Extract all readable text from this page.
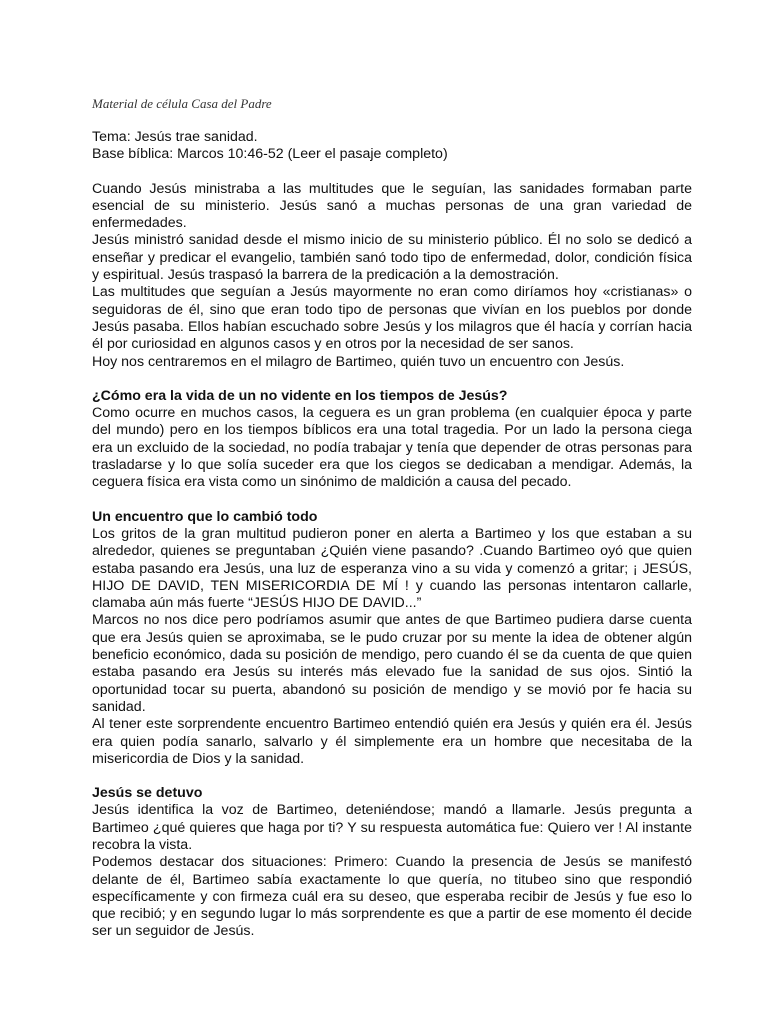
Material de célula Casa del Padre

Tema: Jesús trae sanidad.

Base bíblica: Marcos 10:46-52 (Leer el pasaje completo)

Cuando Jesús ministraba a las multitudes que le seguían, las sanidades formaban parte esencial de su ministerio. Jesús sanó a muchas personas de una gran variedad de enfermedades.

Jesús ministró sanidad desde el mismo inicio de su ministerio público. Él no solo se dedicó a enseñar y predicar el evangelio, también sanó todo tipo de enfermedad, dolor, condición física y espiritual. Jesús traspasó la barrera de la predicación a la demostración.

Las multitudes que seguían a Jesús mayormente no eran como diríamos hoy «cristianas» o seguidoras de él, sino que eran todo tipo de personas que vivían en los pueblos por donde Jesús pasaba. Ellos habían escuchado sobre Jesús y los milagros que él hacía y corrían hacia él por curiosidad en algunos casos y en otros por la necesidad de ser sanos.

Hoy nos centraremos en el milagro de Bartimeo, quién tuvo un encuentro con Jesús.

¿Cómo era la vida de un no vidente en los tiempos de Jesús?

Como ocurre en muchos casos, la ceguera es un gran problema (en cualquier época y parte del mundo) pero en los tiempos bíblicos era una total tragedia. Por un lado la persona ciega era un excluido de la sociedad, no podía trabajar y tenía que depender de otras personas para trasladarse y lo que solía suceder era que los ciegos se dedicaban a mendigar. Además, la ceguera física era vista como un sinónimo de maldición a causa del pecado.

Un encuentro que lo cambió todo

Los gritos de la gran multitud pudieron poner en alerta a Bartimeo y los que estaban a su alrededor, quienes se preguntaban ¿Quién viene pasando? .Cuando Bartimeo oyó que quien estaba pasando era Jesús, una luz de esperanza vino a su vida y comenzó a gritar; ¡ JESÚS, HIJO DE DAVID, TEN MISERICORDIA DE MÍ ! y cuando las personas intentaron callarle, clamaba aún más fuerte “JESÚS HIJO DE DAVID...”

Marcos no nos dice pero podríamos asumir que antes de que Bartimeo pudiera darse cuenta que era Jesús quien se aproximaba, se le pudo cruzar por su mente la idea de obtener algún beneficio económico, dada su posición de mendigo, pero cuando él se da cuenta de que quien estaba pasando era Jesús su interés más elevado fue la sanidad de sus ojos. Sintió la oportunidad tocar su puerta, abandonó su posición de mendigo y se movió por fe hacia su sanidad.

Al tener este sorprendente encuentro Bartimeo entendió quién era Jesús y quién era él. Jesús era quien podía sanarlo, salvarlo y él simplemente era un hombre que necesitaba de la misericordia de Dios y la sanidad.

Jesús se detuvo

Jesús identifica la voz de Bartimeo, deteniéndose; mandó a llamarle. Jesús pregunta a Bartimeo ¿qué quieres que haga por ti? Y su respuesta automática fue: Quiero ver ! Al instante recobra la vista.

Podemos destacar dos situaciones: Primero: Cuando la presencia de Jesús se manifestó delante de él, Bartimeo sabía exactamente lo que quería, no titubeo sino que respondió específicamente y con firmeza cuál era su deseo, que esperaba recibir de Jesús y fue eso lo que recibió; y en segundo lugar lo más sorprendente es que a partir de ese momento él decide ser un seguidor de Jesús.
